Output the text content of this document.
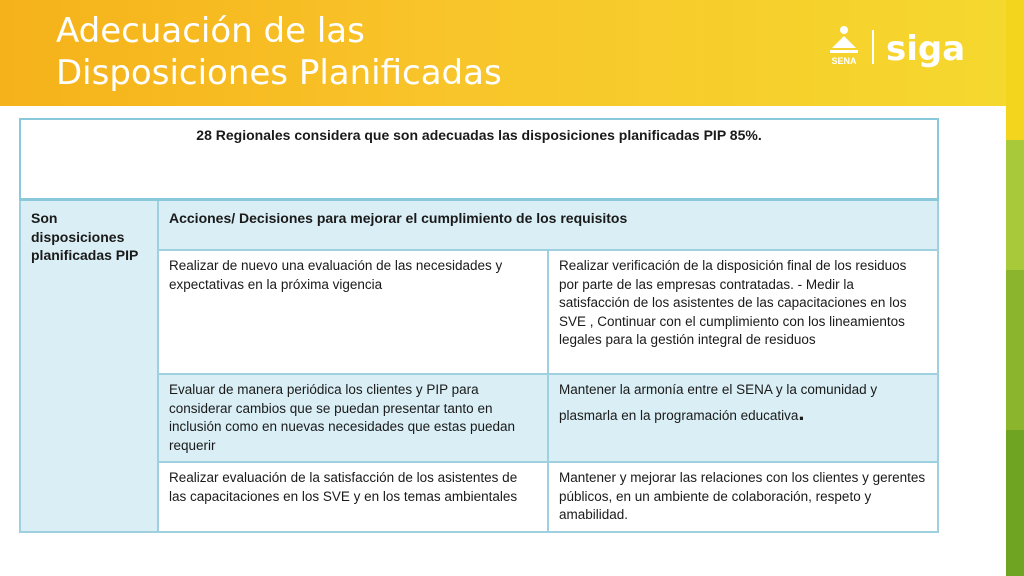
Adecuación de las
Disposiciones Planificadas	SENA siga
28 Regionales considera que son adecuadas las disposiciones planificadas PIP 85%.		
Son disposiciones planificadas PIP	Acciones/ Decisiones para mejorar el cumplimiento de los requisitos	
	Realizar de nuevo una evaluación de las necesidades y expectativas en la próxima vigencia	Realizar verificación de la disposición final de los residuos por parte de las empresas contratadas. - Medir la satisfacción de los asistentes de las capacitaciones en los SVE , Continuar con el cumplimiento con los lineamientos legales para la gestión integral de residuos
	Evaluar de manera periódica los clientes y PIP para considerar cambios que se puedan presentar tanto en inclusión como en nuevas necesidades que estas puedan requerir	Mantener la armonía entre el SENA y la comunidad y
plasmarla en la programación educativa.
	Realizar evaluación de la satisfacción de los asistentes de las capacitaciones en los SVE y en los temas ambientales	Mantener y mejorar las relaciones con los clientes y gerentes públicos, en un ambiente de colaboración, respeto y amabilidad.
